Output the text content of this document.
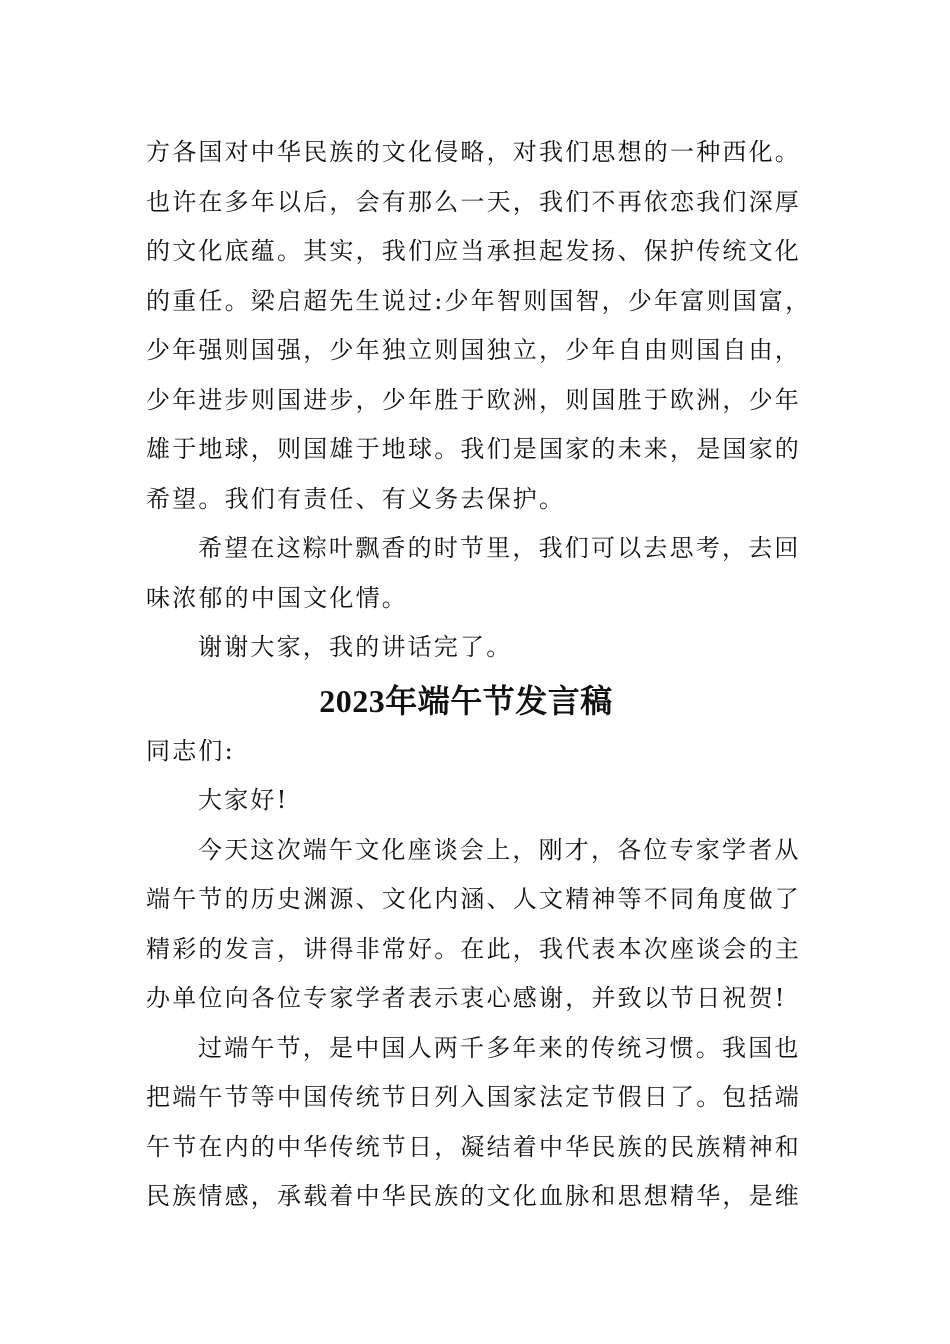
方各国对中华民族的文化侵略，对我们思想的一种西化。
也许在多年以后，会有那么一天，我们不再依恋我们深厚
的文化底蕴。其实，我们应当承担起发扬、保护传统文化
的重任。梁启超先生说过:少年智则国智，少年富则国富，
少年强则国强，少年独立则国独立，少年自由则国自由，
少年进步则国进步，少年胜于欧洲，则国胜于欧洲，少年
雄于地球，则国雄于地球。我们是国家的未来，是国家的
希望。我们有责任、有义务去保护。
希望在这粽叶飘香的时节里，我们可以去思考，去回
味浓郁的中国文化情。
谢谢大家，我的讲话完了。
2023年端午节发言稿
同志们:
大家好!
今天这次端午文化座谈会上，刚才，各位专家学者从
端午节的历史渊源、文化内涵、人文精神等不同角度做了
精彩的发言，讲得非常好。在此，我代表本次座谈会的主
办单位向各位专家学者表示衷心感谢，并致以节日祝贺!
过端午节，是中国人两千多年来的传统习惯。我国也
把端午节等中国传统节日列入国家法定节假日了。包括端
午节在内的中华传统节日，凝结着中华民族的民族精神和
民族情感，承载着中华民族的文化血脉和思想精华，是维
